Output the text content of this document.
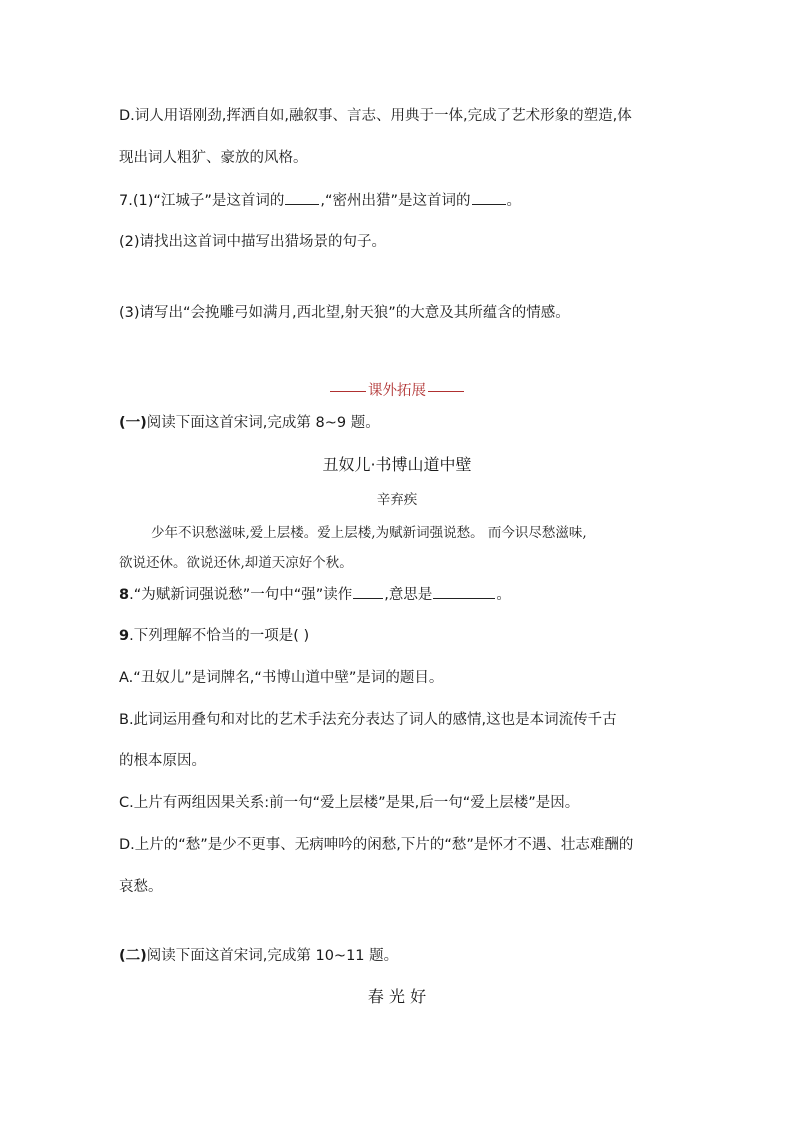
D.词人用语刚劲,挥洒自如,融叙事、言志、用典于一体,完成了艺术形象的塑造,体
现出词人粗犷、豪放的风格。
7.(1)“江城子”是这首词的 ,“密州出猎”是这首词的 。
(2)请找出这首词中描写出猎场景的句子。
(3)请写出“会挽雕弓如满月,西北望,射天狼”的大意及其所蕴含的情感。
课外拓展
(一)阅读下面这首宋词,完成第 8~9 题。
丑奴儿·书博山道中壁
辛弃疾
少年不识愁滋味,爱上层楼。爱上层楼,为赋新词强说愁。 而今识尽愁滋味,
欲说还休。欲说还休,却道天凉好个秋。
8.“为赋新词强说愁”一句中“强”读作 ,意思是	。
9.下列理解不恰当的一项是( )
A.“丑奴儿”是词牌名,“书博山道中壁”是词的题目。
B.此词运用叠句和对比的艺术手法充分表达了词人的感情,这也是本词流传千古
的根本原因。
C.上片有两组因果关系:前一句“爱上层楼”是果,后一句“爱上层楼”是因。
D.上片的“愁”是少不更事、无病呻吟的闲愁,下片的“愁”是怀才不遇、壮志难酬的
哀愁。
(二)阅读下面这首宋词,完成第 10~11 题。
春 光 好
